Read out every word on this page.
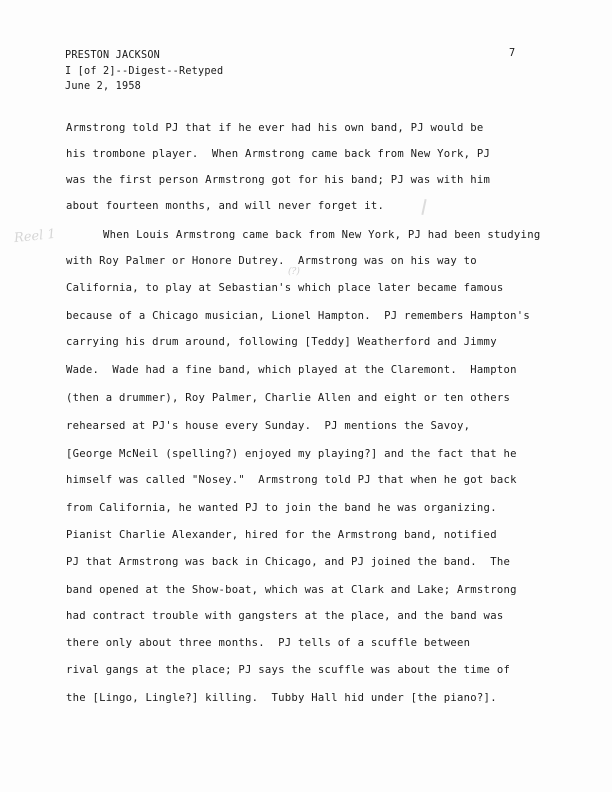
PRESTON JACKSON
I [of 2]--Digest--Retyped
June 2, 1958
7
Reel 1
(?)
Armstrong told PJ that if he ever had his own band, PJ would be
his trombone player.  When Armstrong came back from New York, PJ
was the first person Armstrong got for his band; PJ was with him
about fourteen months, and will never forget it.
When Louis Armstrong came back from New York, PJ had been studying
with Roy Palmer or Honore Dutrey.  Armstrong was on his way to
California, to play at Sebastian's which place later became famous
because of a Chicago musician, Lionel Hampton.  PJ remembers Hampton's
carrying his drum around, following [Teddy] Weatherford and Jimmy
Wade.  Wade had a fine band, which played at the Claremont.  Hampton
(then a drummer), Roy Palmer, Charlie Allen and eight or ten others
rehearsed at PJ's house every Sunday.  PJ mentions the Savoy,
[George McNeil (spelling?) enjoyed my playing?] and the fact that he
himself was called "Nosey."  Armstrong told PJ that when he got back
from California, he wanted PJ to join the band he was organizing.
Pianist Charlie Alexander, hired for the Armstrong band, notified
PJ that Armstrong was back in Chicago, and PJ joined the band.  The
band opened at the Show-boat, which was at Clark and Lake; Armstrong
had contract trouble with gangsters at the place, and the band was
there only about three months.  PJ tells of a scuffle between
rival gangs at the place; PJ says the scuffle was about the time of
the [Lingo, Lingle?] killing.  Tubby Hall hid under [the piano?].
